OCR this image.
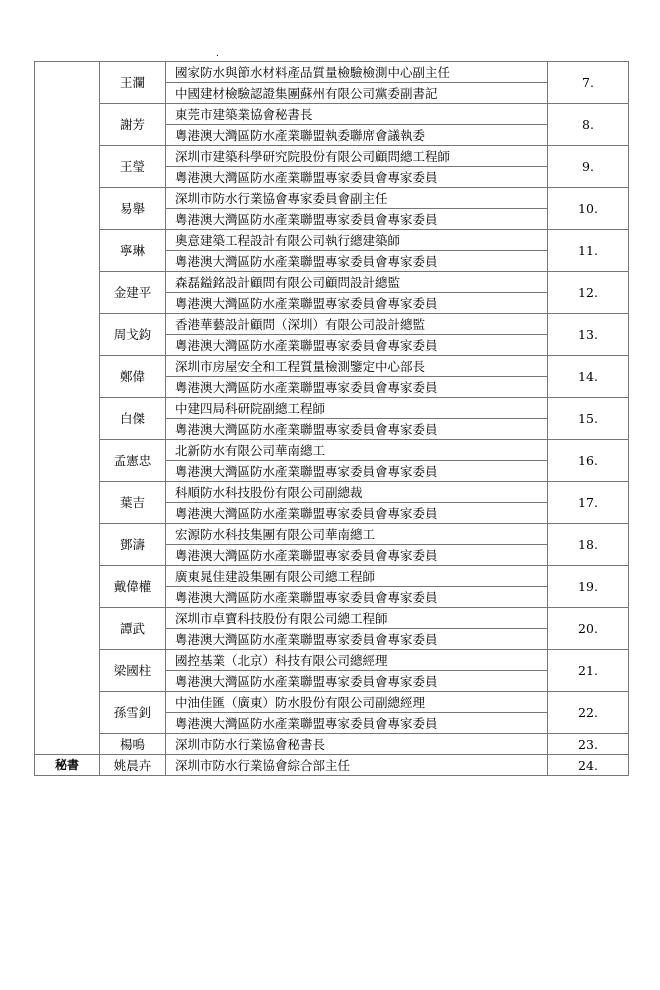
.
	王瀾	國家防水與節水材料產品質量檢驗檢測中心副主任	7.
		中國建材檢驗認證集團蘇州有限公司黨委副書記	
	謝芳	東莞市建築業協會秘書長	8.
		粵港澳大灣區防水產業聯盟執委聯席會議執委	
	王瑩	深圳市建築科學研究院股份有限公司顧問總工程師	9.
		粵港澳大灣區防水產業聯盟專家委員會專家委員	
	易舉	深圳市防水行業協會專家委員會副主任	10.
		粵港澳大灣區防水產業聯盟專家委員會專家委員	
	寧琳	奧意建築工程設計有限公司執行總建築師	11.
		粵港澳大灣區防水產業聯盟專家委員會專家委員	
	金建平	森磊鎰銘設計顧問有限公司顧問設計總監	12.
		粵港澳大灣區防水產業聯盟專家委員會專家委員	
	周戈鈞	香港華藝設計顧問（深圳）有限公司設計總監	13.
		粵港澳大灣區防水產業聯盟專家委員會專家委員	
	鄭偉	深圳市房屋安全和工程質量檢測鑒定中心部長	14.
		粵港澳大灣區防水產業聯盟專家委員會專家委員	
	白傑	中建四局科研院副總工程師	15.
		粵港澳大灣區防水產業聯盟專家委員會專家委員	
	孟憲忠	北新防水有限公司華南總工	16.
		粵港澳大灣區防水產業聯盟專家委員會專家委員	
	葉吉	科順防水科技股份有限公司副總裁	17.
		粵港澳大灣區防水產業聯盟專家委員會專家委員	
	鄧濤	宏源防水科技集團有限公司華南總工	18.
		粵港澳大灣區防水產業聯盟專家委員會專家委員	
	戴偉權	廣東晁佳建設集團有限公司總工程師	19.
		粵港澳大灣區防水產業聯盟專家委員會專家委員	
	譚武	深圳市卓寶科技股份有限公司總工程師	20.
		粵港澳大灣區防水產業聯盟專家委員會專家委員	
	梁國柱	國控基業（北京）科技有限公司總經理	21.
		粵港澳大灣區防水產業聯盟專家委員會專家委員	
	孫雪釗	中油佳匯（廣東）防水股份有限公司副總經理	22.
		粵港澳大灣區防水產業聯盟專家委員會專家委員	
	楊鳴	深圳市防水行業協會秘書長	23.
秘書	姚晨卉	深圳市防水行業協會綜合部主任	24.
